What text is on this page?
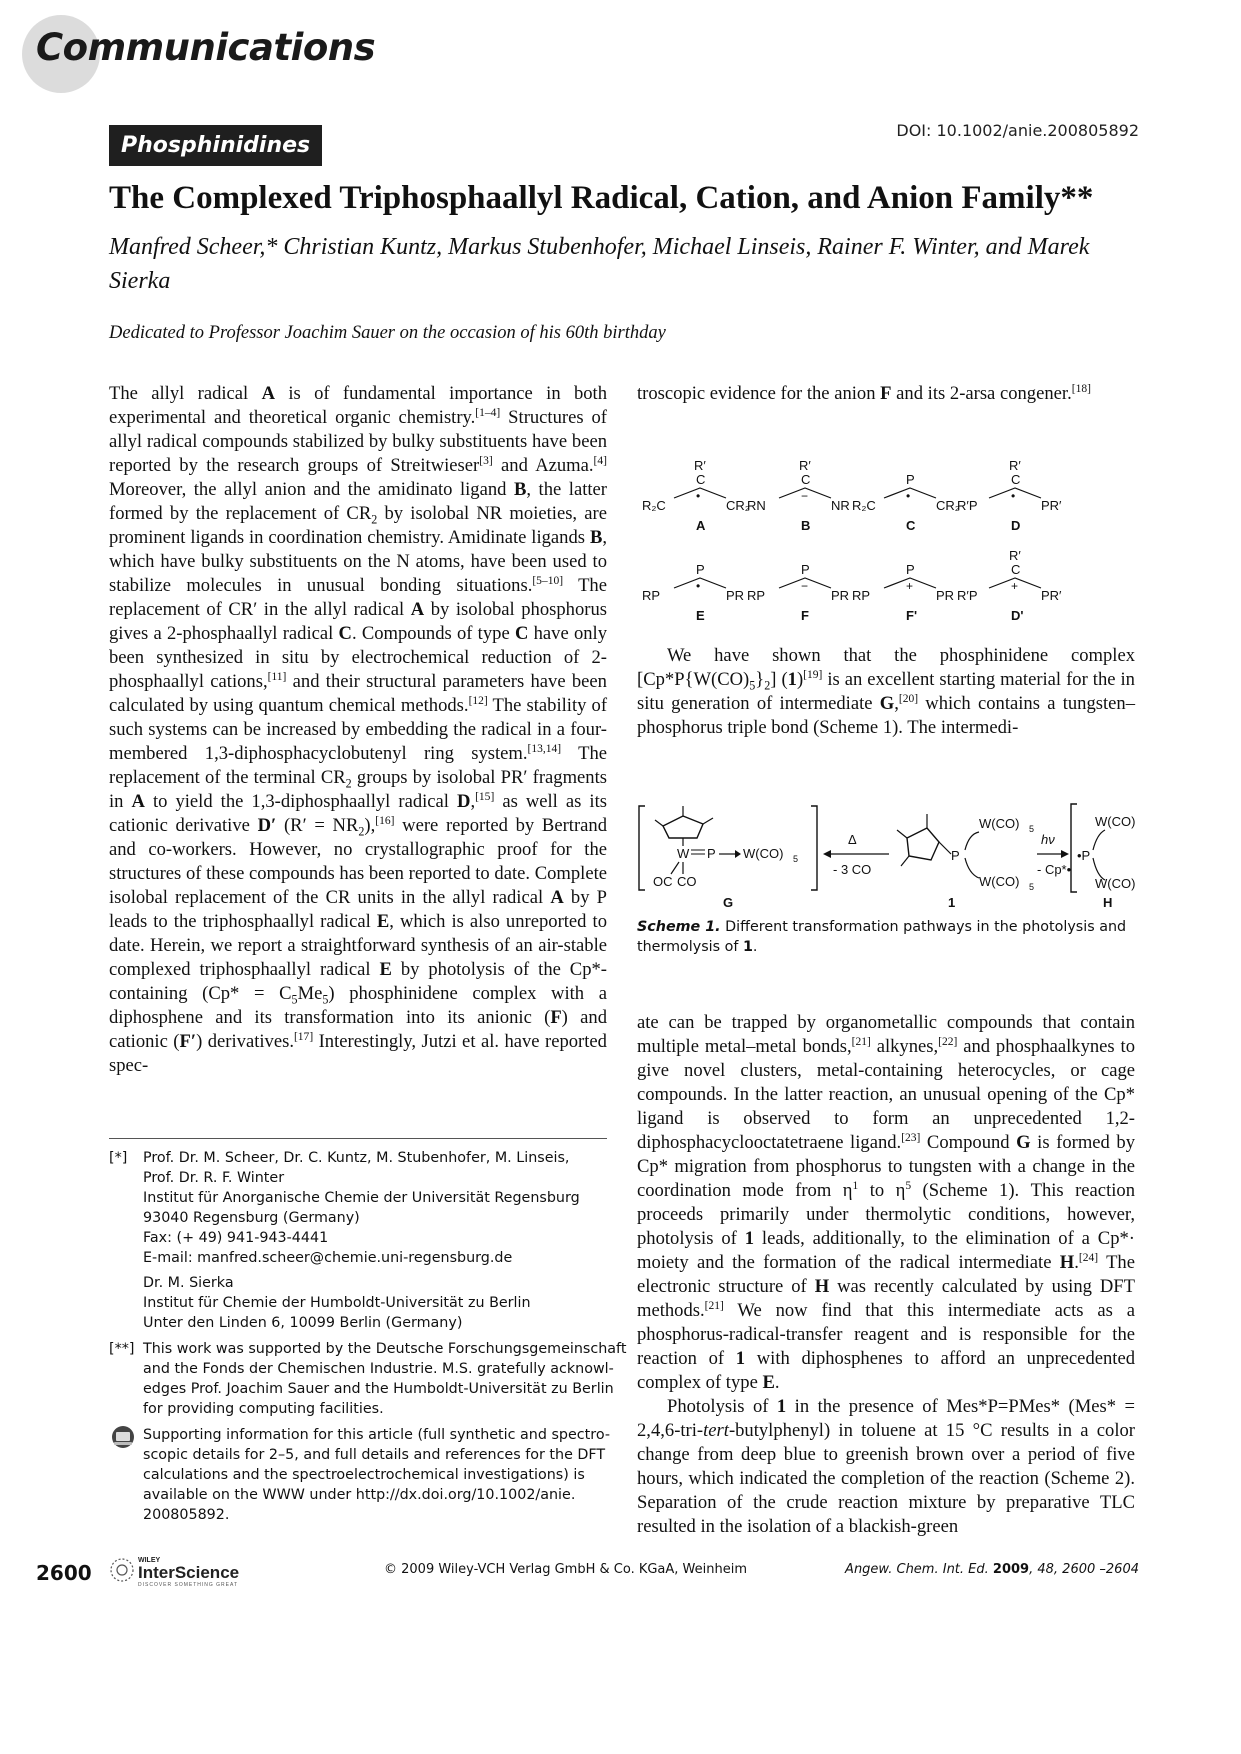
Communications
Phosphinidines
DOI: 10.1002/anie.200805892
The Complexed Triphosphaallyl Radical, Cation, and Anion Family**
Manfred Scheer,* Christian Kuntz, Markus Stubenhofer, Michael Linseis, Rainer F. Winter, and Marek Sierka
Dedicated to Professor Joachim Sauer on the occasion of his 60th birthday

The allyl radical A is of fundamental importance in both experimental and theoretical organic chemistry.[1–4] Structures of allyl radical compounds stabilized by bulky substituents have been reported by the research groups of Streitwieser[3] and Azuma.[4] Moreover, the allyl anion and the amidinato ligand B, the latter formed by the replacement of $CR_2$ by isolobal NR moieties, are prominent ligands in coordination chemistry. Amidinate ligands B, which have bulky substituents on the N atoms, have been used to stabilize molecules in unusual bonding situations.[5–10] The replacement of CR′ in the allyl radical A by isolobal phosphorus gives a 2-phosphaallyl radical C. Compounds of type C have only been synthesized in situ by electrochemical reduction of 2-phosphaallyl cations,[11] and their structural parameters have been calculated by using quantum chemical methods.[12] The stability of such systems can be increased by embedding the radical in a four-membered 1,3-diphosphacyclobutenyl ring system.[13,14] The replacement of the terminal $CR_2$ groups by isolobal PR′ fragments in A to yield the 1,3-diphosphaallyl radical D,[15] as well as its cationic derivative D′ $(R' = NR_2),[16]$ were reported by Bertrand and co-workers. However, no crystallographic proof for the structures of these compounds has been reported to date. Complete isolobal replacement of the CR units in the allyl radical A by P leads to the triphosphaallyl radical E, which is also unreported to date. Herein, we report a straightforward synthesis of an air-stable complexed triphosphaallyl radical E by photolysis of the Cp*-containing $(Cp* = C_5Me_5)$ phosphinidene complex with a diphosphene and its transformation into its anionic (F) and cationic (F′) derivatives.[17] Interestingly, Jutzi et al. have reported spec-

troscopic evidence for the anion F and its 2-arsa congener.[18]

R′
C
•
R₂C	CR₂
A
R′
C
−
RN	NR
B
P
•
R₂C	CR₂
C
R′
C
•
R′P	PR′
D
P
•
RP	PR
E
P
−
RP	PR
F
P
+
RP	PR
F'
R′
C
+
R′P	PR′
D'

We have shown that the phosphinidene complex $[Cp*P\{W(CO)_5\}_2]$ (1)[19] is an excellent starting material for the in situ generation of intermediate G,[20] which contains a tungsten–phosphorus triple bond (Scheme 1). The intermedi-

W P W(CO) 5
OC CO
G
Δ
- 3 CO
P
W(CO) 5
W(CO) 5
1
hν
- Cp*•
•P
W(CO)
W(CO)
H
Scheme 1. Different transformation pathways in the photolysis and thermolysis of 1.

ate can be trapped by organometallic compounds that contain multiple metal–metal bonds,[21] alkynes,[22] and phosphaalkynes to give novel clusters, metal-containing heterocycles, or cage compounds. In the latter reaction, an unusual opening of the Cp* ligand is observed to form an unprecedented 1,2-diphosphacyclooctatetraene ligand.[23] Compound G is formed by Cp* migration from phosphorus to tungsten with a change in the coordination mode from $\eta^1$ to $\eta^5$ (Scheme 1). This reaction proceeds primarily under thermolytic conditions, however, photolysis of 1 leads, additionally, to the elimination of a Cp*· moiety and the formation of the radical intermediate H.[24] The electronic structure of H was recently calculated by using DFT methods.[21] We now find that this intermediate acts as a phosphorus-radical-transfer reagent and is responsible for the reaction of 1 with diphosphenes to afford an unprecedented complex of type E.

Photolysis of 1 in the presence of Mes*P=PMes* (Mes* = 2,4,6-tri-tert-butylphenyl) in toluene at 15 °C results in a color change from deep blue to greenish brown over a period of five hours, which indicated the completion of the reaction (Scheme 2). Separation of the crude reaction mixture by preparative TLC resulted in the isolation of a blackish-green

[*]	Prof. Dr. M. Scheer, Dr. C. Kuntz, M. Stubenhofer, M. Linseis,
Prof. Dr. R. F. Winter
Institut für Anorganische Chemie der Universität Regensburg
93040 Regensburg (Germany)
Fax: (+ 49) 941-943-4441
E-mail: manfred.scheer@chemie.uni-regensburg.de
Dr. M. Sierka
Institut für Chemie der Humboldt-Universität zu Berlin
Unter den Linden 6, 10099 Berlin (Germany)
[**] This work was supported by the Deutsche Forschungsgemeinschaft
and the Fonds der Chemischen Industrie. M.S. gratefully acknowl-
edges Prof. Joachim Sauer and the Humboldt-Universität zu Berlin
for providing computing facilities.
Supporting information for this article (full synthetic and spectro-
scopic details for 2–5, and full details and references for the DFT
calculations and the spectroelectrochemical investigations) is
available on the WWW under http://dx.doi.org/10.1002/anie.
200805892.
2600
WILEY
InterScience
DISCOVER SOMETHING GREAT
© 2009 Wiley-VCH Verlag GmbH & Co. KGaA, Weinheim	Angew. Chem. Int. Ed. 2009, 48, 2600 –2604
